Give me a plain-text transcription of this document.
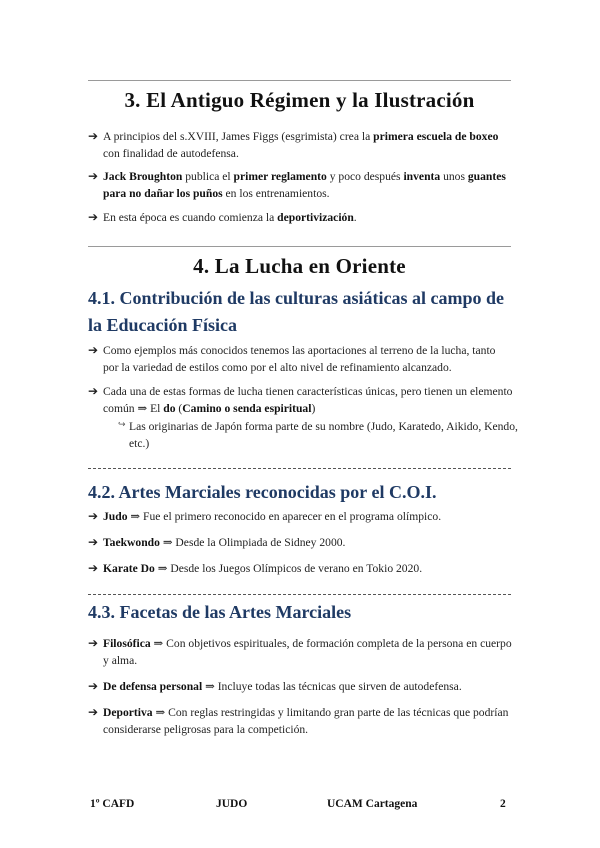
3. El Antiguo Régimen y la Ilustración
➔ A principios del s.XVIII, James Figgs (esgrimista) crea la primera escuela de boxeo con finalidad de autodefensa.
➔ Jack Broughton publica el primer reglamento y poco después inventa unos guantes para no dañar los puños en los entrenamientos.
➔ En esta época es cuando comienza la deportivización.
4. La Lucha en Oriente
4.1. Contribución de las culturas asiáticas al campo de la Educación Física
➔ Como ejemplos más conocidos tenemos las aportaciones al terreno de la lucha, tanto por la variedad de estilos como por el alto nivel de refinamiento alcanzado.
➔ Cada una de estas formas de lucha tienen características únicas, pero tienen un elemento común ⇒ El do (Camino o senda espiritual)
↪ Las originarias de Japón forma parte de su nombre (Judo, Karatedo, Aikido, Kendo, etc.)
4.2. Artes Marciales reconocidas por el C.O.I.
➔ Judo ⇒ Fue el primero reconocido en aparecer en el programa olímpico.
➔ Taekwondo ⇒ Desde la Olimpiada de Sidney 2000.
➔ Karate Do ⇒ Desde los Juegos Olímpicos de verano en Tokio 2020.
4.3. Facetas de las Artes Marciales
➔ Filosófica ⇒ Con objetivos espirituales, de formación completa de la persona en cuerpo y alma.
➔ De defensa personal ⇒ Incluye todas las técnicas que sirven de autodefensa.
➔ Deportiva ⇒ Con reglas restringidas y limitando gran parte de las técnicas que podrían considerarse peligrosas para la competición.
1º CAFD	JUDO	UCAM Cartagena	2
